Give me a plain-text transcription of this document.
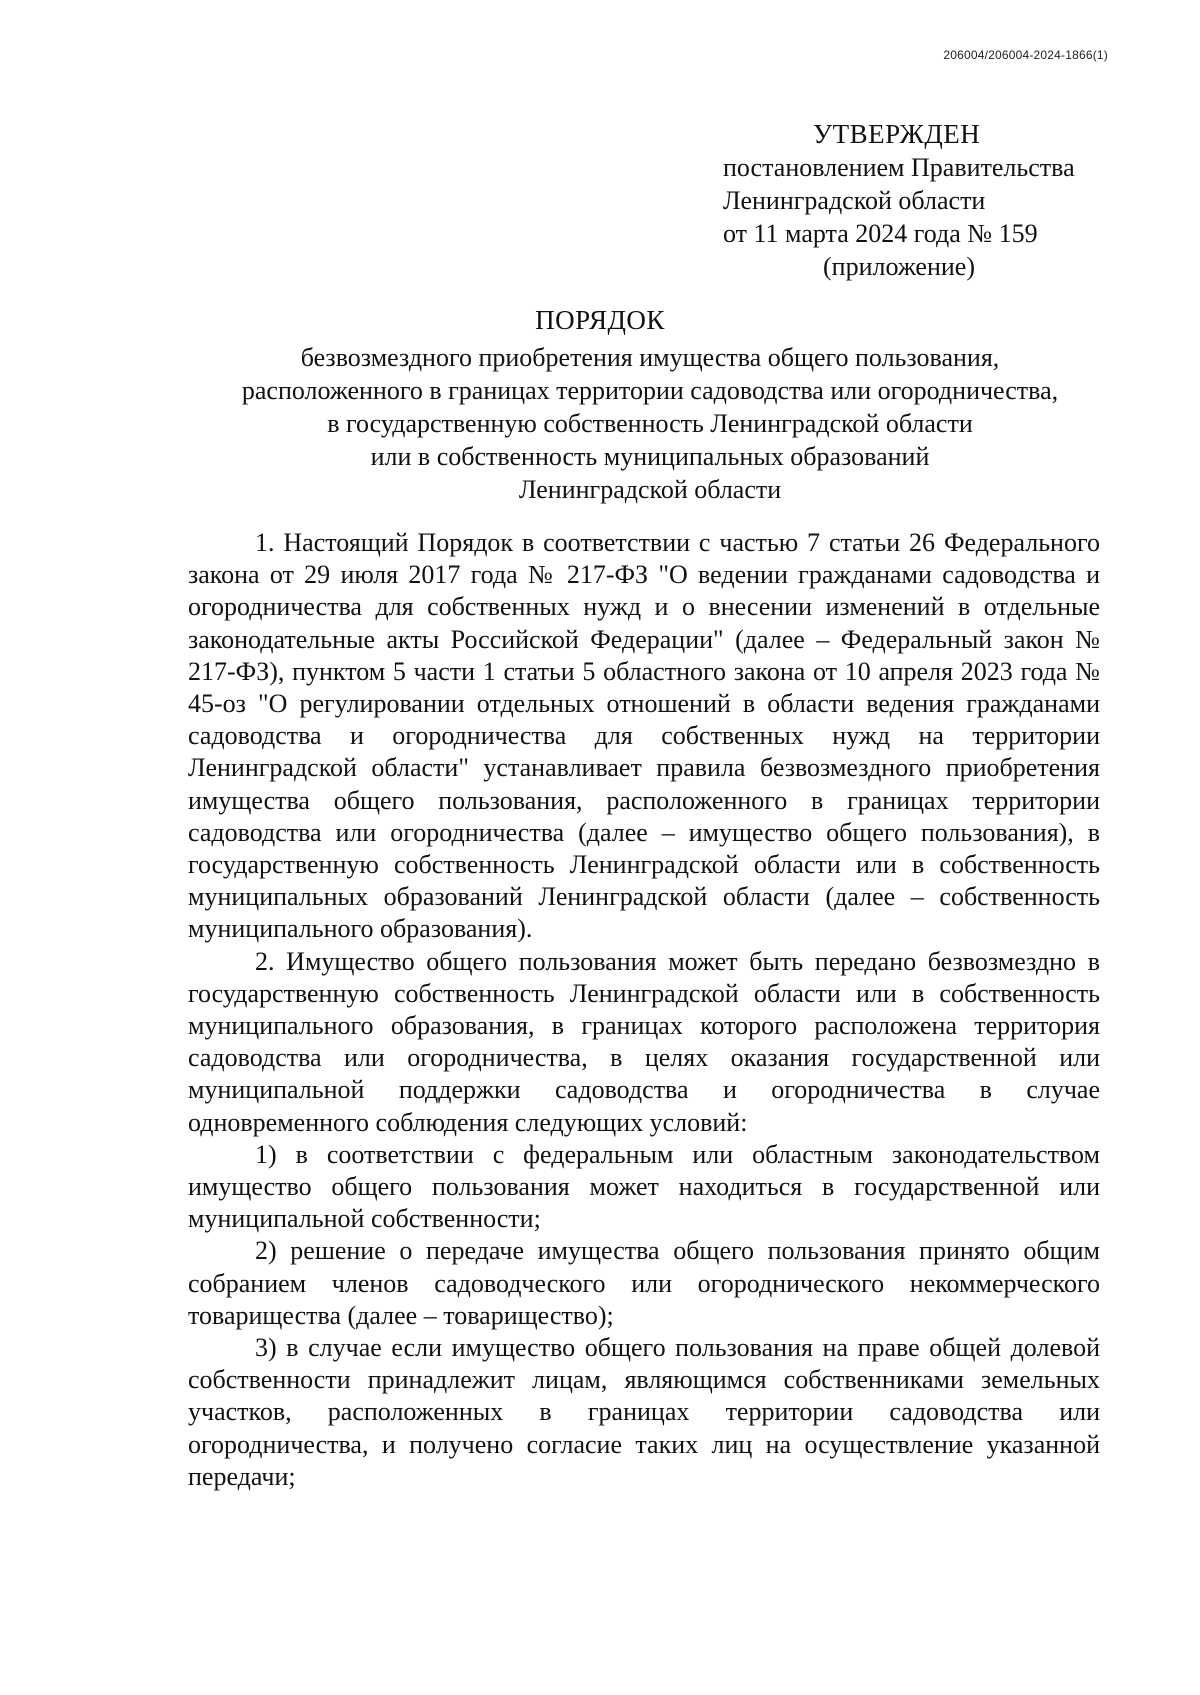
206004/206004-2024-1866(1)
УТВЕРЖДЕН
постановлением Правительства
Ленинградской области
от 11 марта 2024 года № 159
(приложение)
ПОРЯДОК
безвозмездного приобретения имущества общего пользования,
расположенного в границах территории садоводства или огородничества,
в государственную собственность Ленинградской области
или в собственность муниципальных образований
Ленинградской области

1. Настоящий Порядок в соответствии с частью 7 статьи 26 Федерального закона от 29 июля 2017 года № 217-ФЗ "О ведении гражданами садоводства и огородничества для собственных нужд и о внесении изменений в отдельные законодательные акты Российской Федерации" (далее – Федеральный закон № 217-ФЗ), пунктом 5 части 1 статьи 5 областного закона от 10 апреля 2023 года № 45-оз "О регулировании отдельных отношений в области ведения гражданами садоводства и огородничества для собственных нужд на территории Ленинградской области" устанавливает правила безвозмездного приобретения имущества общего пользования, расположенного в границах территории садоводства или огородничества (далее – имущество общего пользования), в государственную собственность Ленинградской области или в собственность муниципальных образований Ленинградской области (далее – собственность муниципального образования).

2. Имущество общего пользования может быть передано безвозмездно в государственную собственность Ленинградской области или в собственность муниципального образования, в границах которого расположена территория садоводства или огородничества, в целях оказания государственной или муниципальной поддержки садоводства и огородничества в случае одновременного соблюдения следующих условий:

1) в соответствии с федеральным или областным законодательством имущество общего пользования может находиться в государственной или муниципальной собственности;

2) решение о передаче имущества общего пользования принято общим собранием членов садоводческого или огороднического некоммерческого товарищества (далее – товарищество);

3) в случае если имущество общего пользования на праве общей долевой собственности принадлежит лицам, являющимся собственниками земельных участков, расположенных в границах территории садоводства или огородничества, и получено согласие таких лиц на осуществление указанной передачи;
